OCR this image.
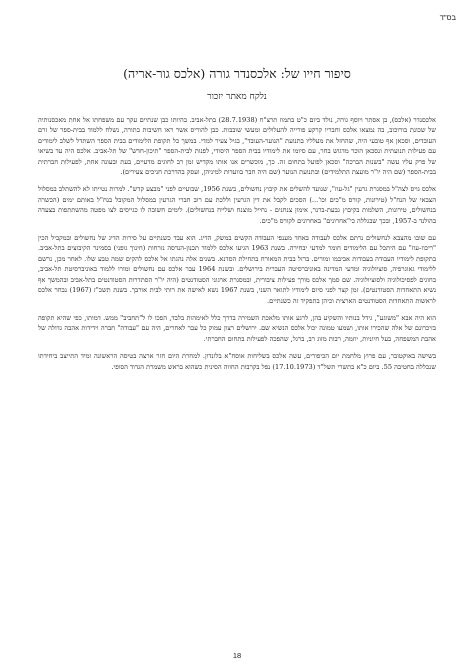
בס"ד
סיפור חייו של: אלכסנדר גורה (אלכס גור-אריה)
נלקח מאתר יזכור

אלכסנדר (אלכס), בן אסתר ויוסף גורה, נולד ביום כ"ט בתמוז תרצ"ח (28.7.1938) בתל-אביב. בהיותו כבן שנתיים עקר עם משפחתו אל אחת מאכסנותיה של שכונת בורוכוב, בה נמצאו אלכס וחבריו קרקע פורייה להעלולים ומעשי שובבות. כבן להוריס אשר ראו חשיבות בתורה, נשלח ללמוד בבית-ספר של זרם העובדים, וסכאן אף טובעי היה, שהחזל את מעלליו בתנועת "הנוער-העובד", בגיל צעיר למדי. במשך כל תקופת הלימודים בבית הספר השתדל לשלב לימודים עם פעילות תנועתית ונסכאן הוכר מדגוש בחר, עם סיומו את לימודיו בבית הספר היסודי, לפנות לבית-הספר "תיכון-חדש" של תל-אביב. אלכס היה עד בשיאו של פרק עליו עשה "בשנות הברכה" וסכאן לפועל בתחום זה. כך, מוכשרים אנו אותו מקדיש זמן רב לחוגים מדעיים, בעת ובעונה אחת, לפעילות חברתית בבית-הספר (שם היה יו"ר מועצת התלמידים) ובתנועת הנוער (שם היה חבר בוועדות למיניהן, ועסק בהדרכת חניכים צעירים).

אלכס גויס לצה"ל במסגרת גרעין "גל-עוז", שנועד להשלים את קיבוץ נחשולים, בשנת 1956, שבועיים לפני "מבצע קדש". למרות נטייתו לא להשתלב במסלול הצבאי של הנח"ל (טירונות, קורס מ"כים וכו'...) הסכים לקבל את דין הגרעין וללכת עם רוב חברי הגרעין במסלול המקובל בנח"ל באותם ימים (הכשרה בנחשולים, טירונות, השלמות בקיבוץ גבעת-ברנר, אימון צנחנים - נחייל מוצנח ושלייח בנחשולים). לימים חשובה לו כגייסים לצו מפטה מהשתתפות בצעדה בהולנד ב-1957, ובכך שבגללה כי"אחרונים" באחרונים לקורס מ"כים.

עם שובו מהצבא לנחשולים נרתם אלכס לעבודה באחד מענפי העבודה הקשים במשק, הדיג. הוא עבד כשנתיים על סירות הדיג של נחשולים ובמקביל הכין "ריכוז-עוז" עם היתכל עם הלימודים חומר למדעי יבחירה. בשנת 1963 הגיעו אלכס ללמוד תכנון-הנדסה נזרחות (חינוך גופני) בסמינר הקיבוצים בתל-אביב. בתקופת לימודיו העבודה בעבודות אביבמו ומורים. ברזל בבית המאורח בתחילת הסדנא. בשנים אלה נהגתו אל אלכס להקים שמה טבע שלו. לאחר מכן, נרשם ללימודי גאוגרפיה, סוציולוגיה ומדעי המדינה באוניברסיטה העברית בירושלים. ובשנת 1964 עבר אלכס עם נחשולים ומורו ללמוד באוניברסיטת תל-אביב, בחוגים לפסיכולוגיה ולסוציולוגיה. שם סמך אלכס מורך פעילות ציבורית, ובמסגרת ארגוני הסטודנטים (היה יו"ר הסתדרות הסטודנטים בתל-אביב ובהמשך אף נשיא התאחדות הסטודנטים). זמן קצר לפני סיום לימודיו לתואר השני, בשנת 1967 נשא לאישה את רותי לבית אורבך. בשנת תשכ"ז (1967) נבחר אלכס לראשות התאחדות הסטודנטים הארצית וכיהן בתפקיד זה כשנתיים.

הוא היה אבא "משוגע", גידל בנותיו והשקיע בהן, לרגע אותו מלאכת השמירה בדרך כלל לאימהות בלבד, הפכו לו ל"תחביב" ממש. דמותו, כפי שהיא תקופה בזיכרונם של אלה שהכירו אותו, ושמעו טמונה יכול אלכס הנשיא שם. ירושלים רצון עמוק כל עבר לאחרים, היה עם "עבודה" חברה וידידות אהבה גדולה של אהבת המשפחה, בעל חיוניות, יוזמה, רבות מזוג רב, ברגל, שהפכה לפעילות בתחום החברתי.

בשישה באוקטובר, עם פרוץ מלחמת יום הכיפורים, עשה אלכס בשליחות אוסח"א בלונדון. למחרת היום חזר ארצה בטיסה הראשונה ומיד התייצב ביחידתו שנכללה בחטיבה 55. ביום כ"א בתשרי תשל"ד (17.10.1973) נפל בקרבות החווה הסינית כשהוא בראש משמרת הגדוד הסופי.

18
